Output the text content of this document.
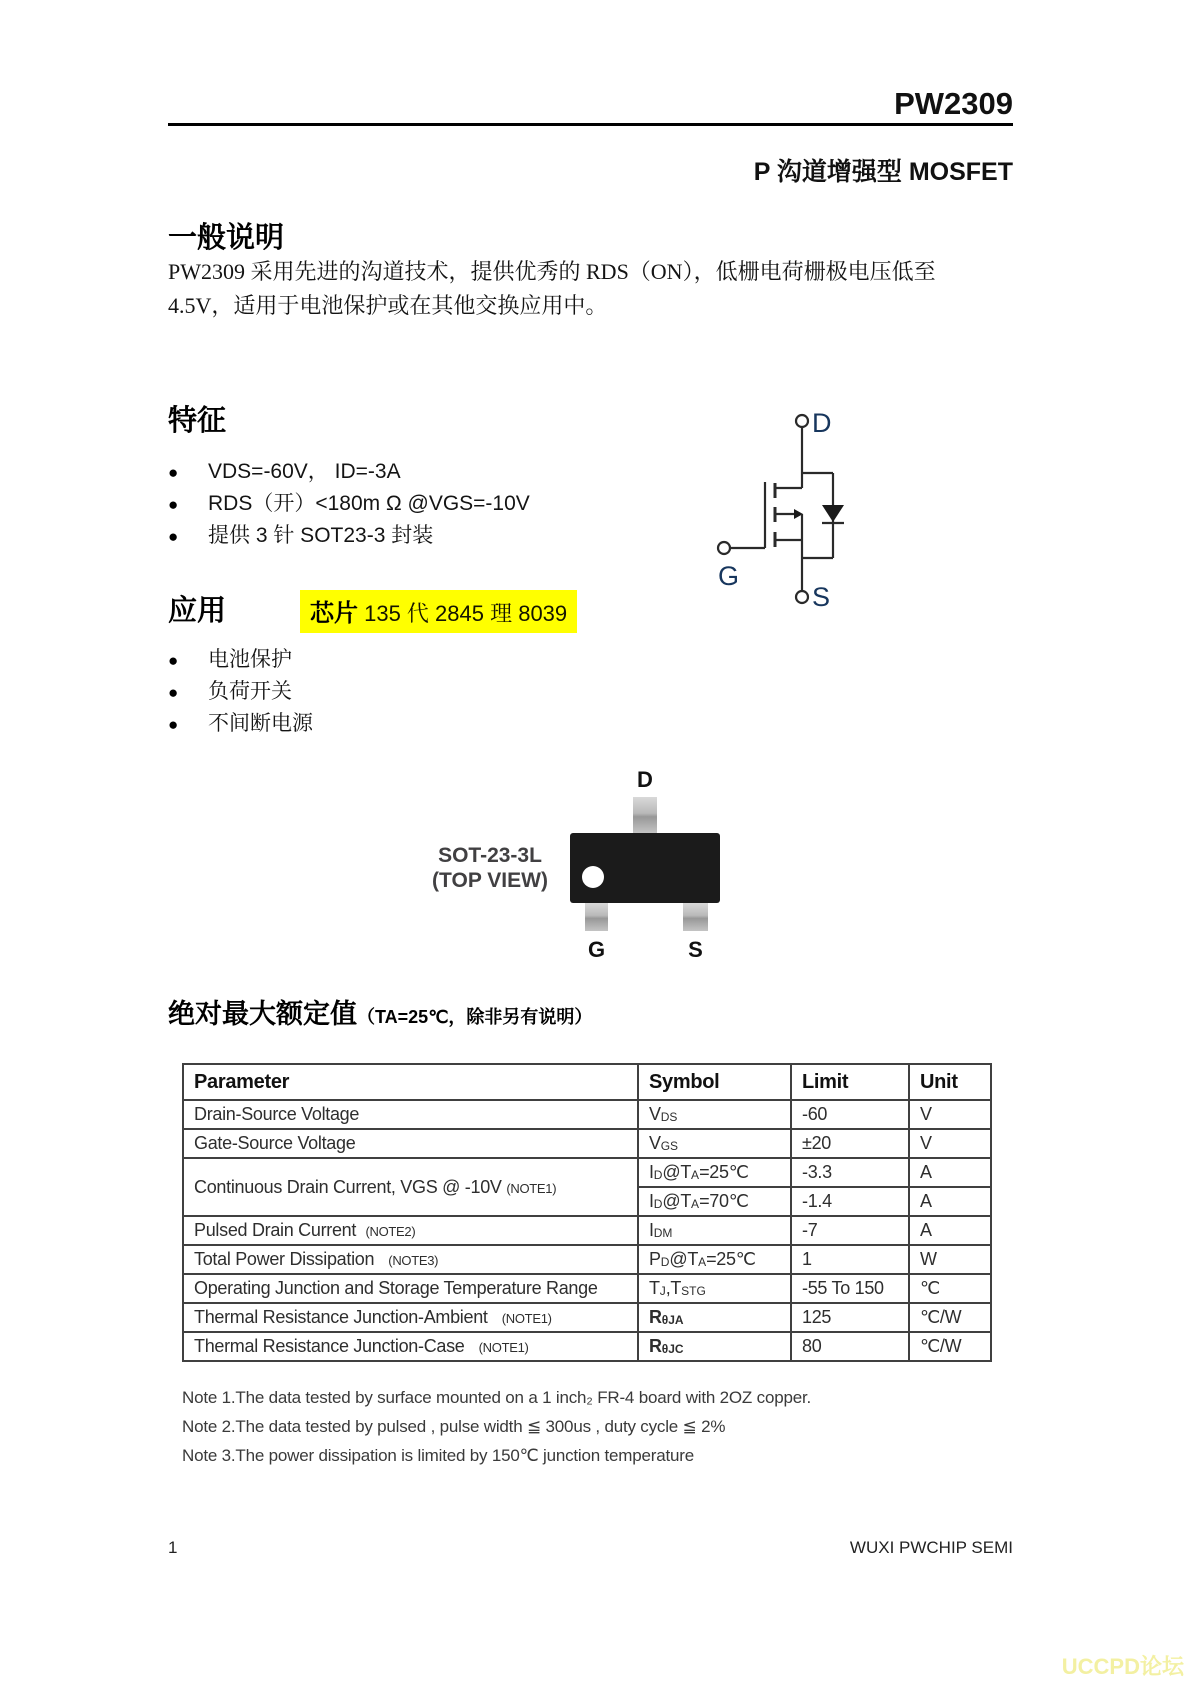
PW2309
P 沟道增强型 MOSFET
一般说明
PW2309 采用先进的沟道技术，提供优秀的 RDS（ON），低栅电荷栅极电压低至
4.5V，适用于电池保护或在其他交换应用中。
特征
●	VDS=-60V， ID=-3A
●	RDS（开）<180m Ω @VGS=-10V
●	提供 3 针 SOT23-3 封装
应用	芯片 135 代 2845 理 8039
●	电池保护
●	负荷开关
●	不间断电源
D
G
S
SOT-23-3L
(TOP VIEW)
D
G	S
绝对最大额定值（TA=25℃，除非另有说明）
Parameter	Symbol	Limit	Unit
Drain-Source Voltage	$V_{DS}$	-60	V
Gate-Source Voltage	$V_{GS}$	±20	V
Continuous Drain Current, VGS @ -10V (NOTE1)	$I_D@T_A=25℃$	-3.3	A
	$I_D@T_A=70℃$	-1.4	A
Pulsed Drain Current (NOTE2)	$I_{DM}$	-7	A
Total Power Dissipation (NOTE3)	$P_D@T_A=25℃$	1	W
Operating Junction and Storage Temperature Range	$T_J,T_{STG}$	-55 To 150	℃
Thermal Resistance Junction-Ambient (NOTE1)	$R_{\theta JA}$	125	℃/W
Thermal Resistance Junction-Case (NOTE1)	$R_{\theta JC}$	80	℃/W
Note 1.The data tested by surface mounted on a 1 inch₂ FR-4 board with 2OZ copper.
Note 2.The data tested by pulsed , pulse width ≦ 300us , duty cycle ≦ 2%
Note 3.The power dissipation is limited by 150℃ junction temperature
1	WUXI PWCHIP SEMI
UCCPD论坛
